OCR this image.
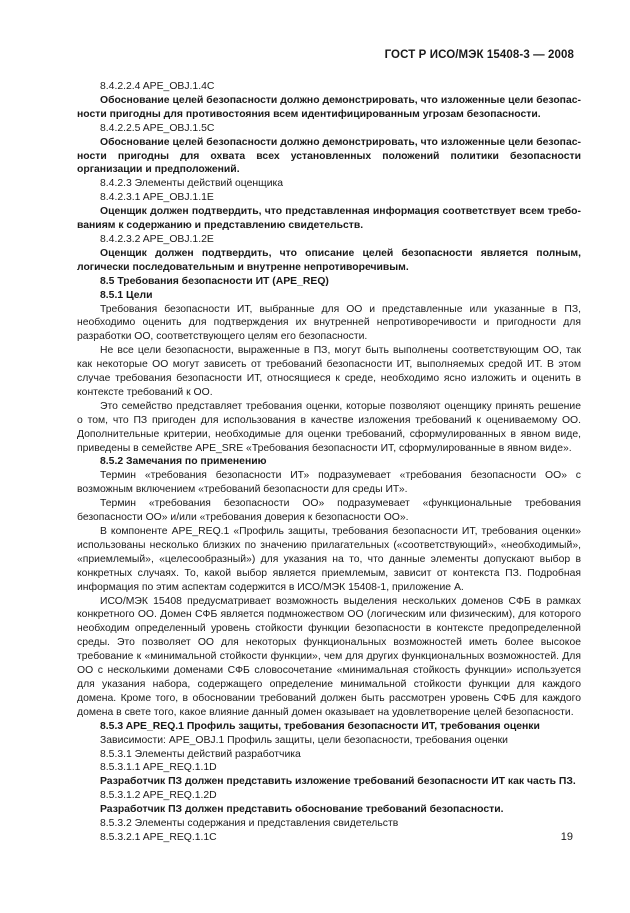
ГОСТ Р ИСО/МЭК 15408-3 — 2008

8.4.2.2.4 APE_OBJ.1.4C

Обоснование целей безопасности должно демонстрировать, что изложенные цели безопасности пригодны для противостояния всем идентифицированным угрозам безопасности.

8.4.2.2.5 APE_OBJ.1.5C

Обоснование целей безопасности должно демонстрировать, что изложенные цели безопасности пригодны для охвата всех установленных положений политики безопасности организации и предположений.

8.4.2.3 Элементы действий оценщика

8.4.2.3.1 APE_OBJ.1.1E

Оценщик должен подтвердить, что представленная информация соответствует всем требованиям к содержанию и представлению свидетельств.

8.4.2.3.2 APE_OBJ.1.2E

Оценщик должен подтвердить, что описание целей безопасности является полным, логически последовательным и внутренне непротиворечивым.

8.5 Требования безопасности ИТ (APE_REQ)

8.5.1 Цели

Требования безопасности ИТ, выбранные для ОО и представленные или указанные в ПЗ, необходимо оценить для подтверждения их внутренней непротиворечивости и пригодности для разработки ОО, соответствующего целям его безопасности.

Не все цели безопасности, выраженные в ПЗ, могут быть выполнены соответствующим ОО, так как некоторые ОО могут зависеть от требований безопасности ИТ, выполняемых средой ИТ. В этом случае требования безопасности ИТ, относящиеся к среде, необходимо ясно изложить и оценить в контексте требований к ОО.

Это семейство представляет требования оценки, которые позволяют оценщику принять решение о том, что ПЗ пригоден для использования в качестве изложения требований к оцениваемому ОО. Дополнительные критерии, необходимые для оценки требований, сформулированных в явном виде, приведены в семействе APE_SRE «Требования безопасности ИТ, сформулированные в явном виде».

8.5.2 Замечания по применению

Термин «требования безопасности ИТ» подразумевает «требования безопасности ОО» с возможным включением «требований безопасности для среды ИТ».

Термин «требования безопасности ОО» подразумевает «функциональные требования безопасности ОО» и/или «требования доверия к безопасности ОО».

В компоненте APE_REQ.1 «Профиль защиты, требования безопасности ИТ, требования оценки» использованы несколько близких по значению прилагательных («соответствующий», «необходимый», «приемлемый», «целесообразный») для указания на то, что данные элементы допускают выбор в конкретных случаях. То, какой выбор является приемлемым, зависит от контекста ПЗ. Подробная информация по этим аспектам содержится в ИСО/МЭК 15408-1, приложение А.

ИСО/МЭК 15408 предусматривает возможность выделения нескольких доменов СФБ в рамках конкретного ОО. Домен СФБ является подмножеством ОО (логическим или физическим), для которого необходим определенный уровень стойкости функции безопасности в контексте предопределенной среды. Это позволяет ОО для некоторых функциональных возможностей иметь более высокое требование к «минимальной стойкости функции», чем для других функциональных возможностей. Для ОО с несколькими доменами СФБ словосочетание «минимальная стойкость функции» используется для указания набора, содержащего определение минимальной стойкости функции для каждого домена. Кроме того, в обосновании требований должен быть рассмотрен уровень СФБ для каждого домена в свете того, какое влияние данный домен оказывает на удовлетворение целей безопасности.

8.5.3 APE_REQ.1 Профиль защиты, требования безопасности ИТ, требования оценки

Зависимости: APE_OBJ.1 Профиль защиты, цели безопасности, требования оценки

8.5.3.1 Элементы действий разработчика

8.5.3.1.1 APE_REQ.1.1D

Разработчик ПЗ должен представить изложение требований безопасности ИТ как часть ПЗ.

8.5.3.1.2 APE_REQ.1.2D

Разработчик ПЗ должен представить обоснование требований безопасности.

8.5.3.2 Элементы содержания и представления свидетельств

8.5.3.2.1 APE_REQ.1.1C	19
